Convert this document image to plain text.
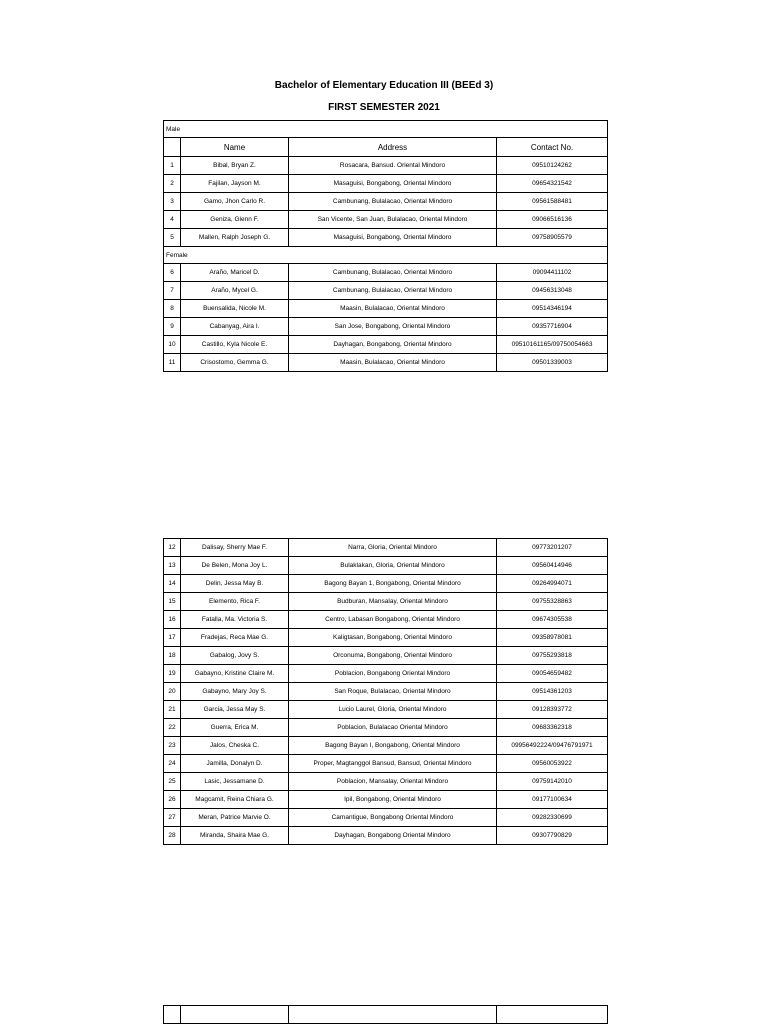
Bachelor of Elementary Education III (BEEd 3)
FIRST SEMESTER 2021
Male			
	Name	Address	Contact No.
1	Bibal, Bryan Z.	Rosacara, Bansud. Oriental Mindoro	09510124262
2	Fajilan, Jayson M.	Masaguisi, Bongabong, Oriental Mindoro	09654321542
3	Gamo, Jhon Carlo R.	Cambunang, Bulalacao, Oriental Mindoro	09561588481
4	Geniza, Glenn F.	San Vicente, San Juan, Bulalacao, Oriental Mindoro	09066516136
5	Mallen, Ralph Joseph G.	Masaguisi, Bongabong, Oriental Mindoro	09758905579
Female			
6	Araño, Maricel D.	Cambunang, Bulalacao, Oriental Mindoro	09094411102
7	Araño, Mycel G.	Cambunang, Bulalacao, Oriental Mindoro	09456313048
8	Buensalida, Nicole M.	Maasin, Bulalacao, Oriental Mindoro	09514346194
9	Cabanyag, Aira I.	San Jose, Bongabong, Oriental Mindoro	09357716904
10	Castillo, Kyla Nicole E.	Dayhagan, Bongabong, Oriental Mindoro	09510161165/09750054663
11	Crisostomo, Gemma G.	Maasin, Bulalacao, Oriental Mindoro	09501339003
12	Dalisay, Sherry Mae F.	Narra, Gloria, Oriental Mindoro	09773201207
13	De Belen, Mona Joy L.	Bulaklakan, Gloria, Oriental Mindoro	09560414946
14	Delin, Jessa May B.	Bagong Bayan 1, Bongabong, Oriental Mindoro	09264994071
15	Elemento, Rica F.	Budburan, Mansalay, Oriental Mindoro	09755328863
16	Fatalla, Ma. Victoria S.	Centro, Labasan Bongabong, Oriental Mindoro	09674305538
17	Fradejas, Reca Mae G.	Kaligtasan, Bongabong, Oriental Mindoro	09358978081
18	Gabalog, Jovy S.	Orconuma, Bongabong, Oriental Mindoro	09755293818
19	Gabayno, Kristine Claire M.	Poblacion, Bongabong Oriental Mindoro	09054659482
20	Gabayno, Mary Joy S.	San Roque, Bulalacao, Oriental Mindoro	09514361203
21	Garcia, Jessa May S.	Lucio Laurel, Gloria, Oriental Mindoro	09128393772
22	Guerra, Erica M.	Poblacion, Bulalacao Oriental Mindoro	09683362318
23	Jalos, Cheska C.	Bagong Bayan I, Bongabong, Oriental Mindoro	09956492224/09476791971
24	Jamilla, Donalyn D.	Proper, Magtanggol Bansud, Bansud, Oriental Mindoro	09560053922
25	Lasic, Jessamane D.	Poblacion, Mansalay, Oriental Mindoro	09759142010
26	Magcamit, Reina Chiara G.	Ipil, Bongabong, Oriental Mindoro	09177100634
27	Meran, Patrice Marvie O.	Camantigue, Bongabong Oriental Mindoro	09282330699
28	Miranda, Shaira Mae G.	Dayhagan, Bongabong Oriental Mindoro	09307790829
